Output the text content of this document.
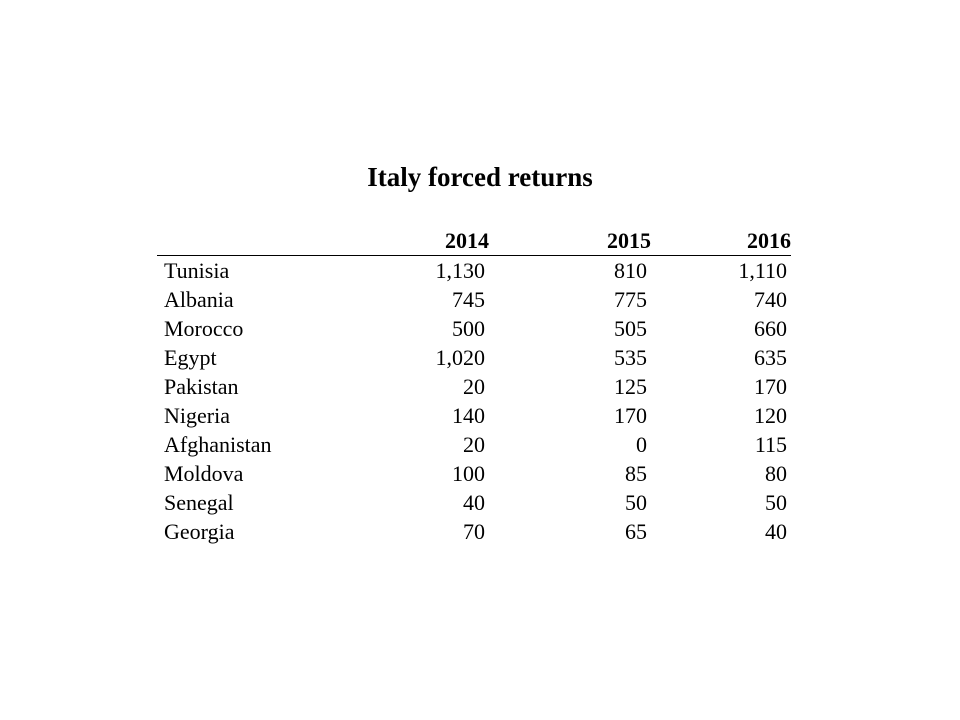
Italy forced returns
	2014	2015	2016
Tunisia	1,130	810	1,110
Albania	745	775	740
Morocco	500	505	660
Egypt	1,020	535	635
Pakistan	20	125	170
Nigeria	140	170	120
Afghanistan	20	0	115
Moldova	100	85	80
Senegal	40	50	50
Georgia	70	65	40
